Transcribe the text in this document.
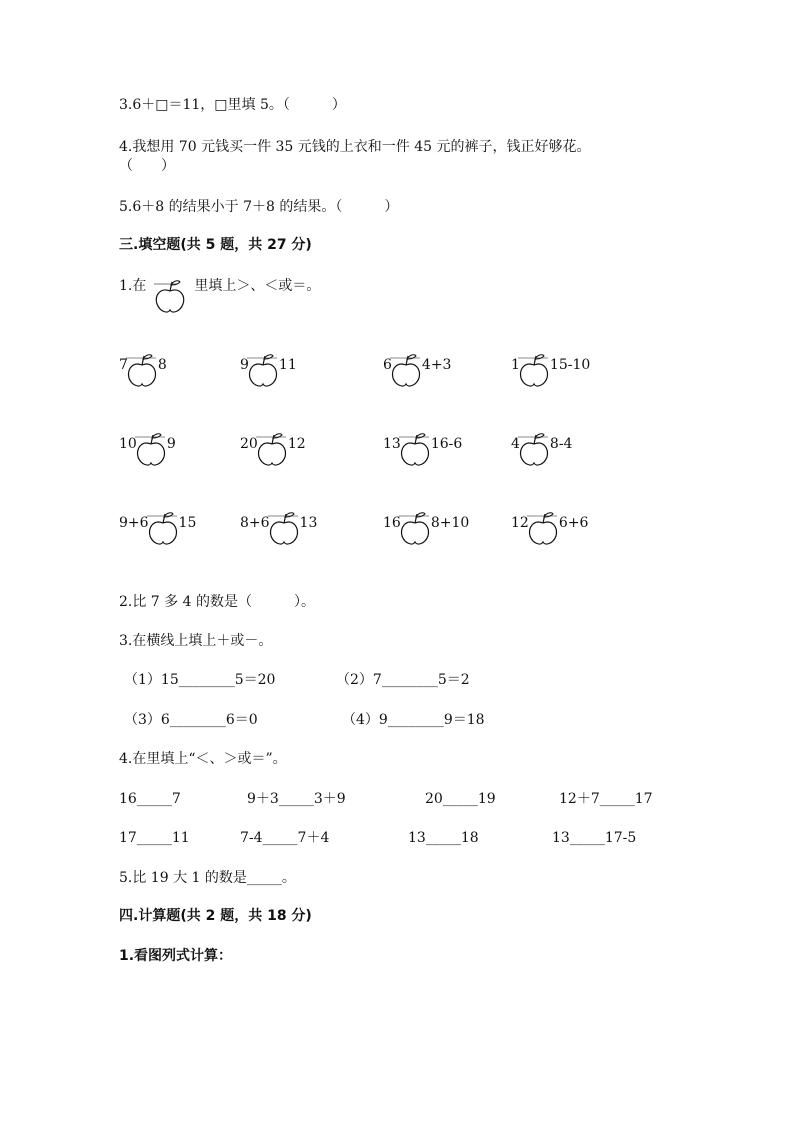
3.6＋□＝11，□里填 5。（　　　）
4.我想用 70 元钱买一件 35 元钱的上衣和一件 45 元的裤子，钱正好够花。
（　　）
5.6＋8 的结果小于 7＋8 的结果。（　　　）
三.填空题(共 5 题，共 27 分)
1.在	里填上＞、＜或＝。
7 8	9 11	6 4+3	1 15-10
10 9	20 12	13 16-6	4 8-4
9+6 15	8+6 13	16 8+10	12 6+6
2.比 7 多 4 的数是（　　　）。
3.在横线上填上＋或－。
（1）15________5＝20	（2）7________5＝2
（3）6________6＝0	（4）9________9＝18
4.在里填上“＜、＞或＝”。
16_____7	9＋3_____3＋9	20_____19	12＋7_____17
17_____11	7-4_____7＋4	13_____18	13_____17-5
5.比 19 大 1 的数是_____。
四.计算题(共 2 题，共 18 分)
1.看图列式计算：
